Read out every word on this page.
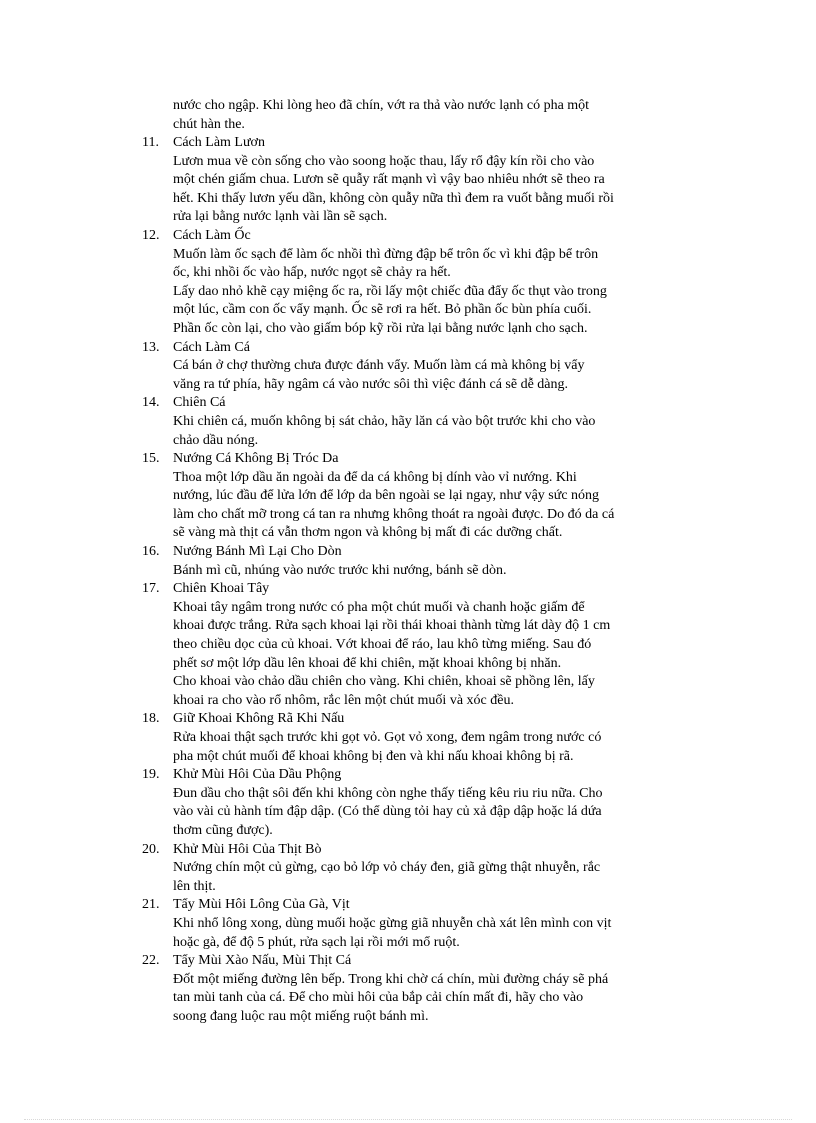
nước cho ngập. Khi lòng heo đã chín, vớt ra thả vào nước lạnh có pha một
chút hàn the.
11.	Cách Làm Lươn
Lươn mua về còn sống cho vào soong hoặc thau, lấy rổ đậy kín rồi cho vào
một chén giấm chua. Lươn sẽ quẫy rất mạnh vì vậy bao nhiêu nhớt sẽ theo ra
hết. Khi thấy lươn yếu dần, không còn quẫy nữa thì đem ra vuốt bằng muối rồi
rửa lại bằng nước lạnh vài lần sẽ sạch.
12. Cách Làm Ốc
Muốn làm ốc sạch để làm ốc nhồi thì đừng đập bể trôn ốc vì khi đập bể trôn
ốc, khi nhồi ốc vào hấp, nước ngọt sẽ chảy ra hết.
Lấy dao nhỏ khẽ cạy miệng ốc ra, rồi lấy một chiếc đũa đẩy ốc thụt vào trong
một lúc, cầm con ốc vẩy mạnh. Ốc sẽ rơi ra hết. Bỏ phần ốc bùn phía cuối.
Phần ốc còn lại, cho vào giấm bóp kỹ rồi rửa lại bằng nước lạnh cho sạch.
13. Cách Làm Cá
Cá bán ở chợ thường chưa được đánh vẩy. Muốn làm cá mà không bị vẩy
văng ra tứ phía, hãy ngâm cá vào nước sôi thì việc đánh cá sẽ dễ dàng.
14. Chiên Cá
Khi chiên cá, muốn không bị sát chảo, hãy lăn cá vào bột trước khi cho vào
chảo dầu nóng.
15. Nướng Cá Không Bị Tróc Da
Thoa một lớp dầu ăn ngoài da để da cá không bị dính vào vỉ nướng. Khi
nướng, lúc đầu để lửa lớn để lớp da bên ngoài se lại ngay, như vậy sức nóng
làm cho chất mỡ trong cá tan ra nhưng không thoát ra ngoài được. Do đó da cá
sẽ vàng mà thịt cá vẫn thơm ngon và không bị mất đi các dưỡng chất.
16. Nướng Bánh Mì Lại Cho Dòn
Bánh mì cũ, nhúng vào nước trước khi nướng, bánh sẽ dòn.
17. Chiên Khoai Tây
Khoai tây ngâm trong nước có pha một chút muối và chanh hoặc giấm để
khoai được trắng. Rửa sạch khoai lại rồi thái khoai thành từng lát dày độ 1 cm
theo chiều dọc của củ khoai. Vớt khoai để ráo, lau khô từng miếng. Sau đó
phết sơ một lớp dầu lên khoai để khi chiên, mặt khoai không bị nhăn.
Cho khoai vào chảo dầu chiên cho vàng. Khi chiên, khoai sẽ phồng lên, lấy
khoai ra cho vào rổ nhôm, rắc lên một chút muối và xóc đều.
18. Giữ Khoai Không Rã Khi Nấu
Rửa khoai thật sạch trước khi gọt vỏ. Gọt vỏ xong, đem ngâm trong nước có
pha một chút muối để khoai không bị đen và khi nấu khoai không bị rã.
19. Khử Mùi Hôi Của Dầu Phộng
Đun dầu cho thật sôi đến khi không còn nghe thấy tiếng kêu riu riu nữa. Cho
vào vài củ hành tím đập dập. (Có thể dùng tỏi hay củ xả đập dập hoặc lá dứa
thơm cũng được).
20. Khử Mùi Hôi Của Thịt Bò
Nướng chín một củ gừng, cạo bỏ lớp vỏ cháy đen, giã gừng thật nhuyễn, rắc
lên thịt.
21. Tẩy Mùi Hôi Lông Của Gà, Vịt
Khi nhổ lông xong, dùng muối hoặc gừng giã nhuyễn chà xát lên mình con vịt
hoặc gà, để độ 5 phút, rửa sạch lại rồi mới mổ ruột.
22. Tẩy Mùi Xào Nấu, Mùi Thịt Cá
Đốt một miếng đường lên bếp. Trong khi chờ cá chín, mùi đường cháy sẽ phá
tan mùi tanh của cá. Để cho mùi hôi của bắp cải chín mất đi, hãy cho vào
soong đang luộc rau một miếng ruột bánh mì.
